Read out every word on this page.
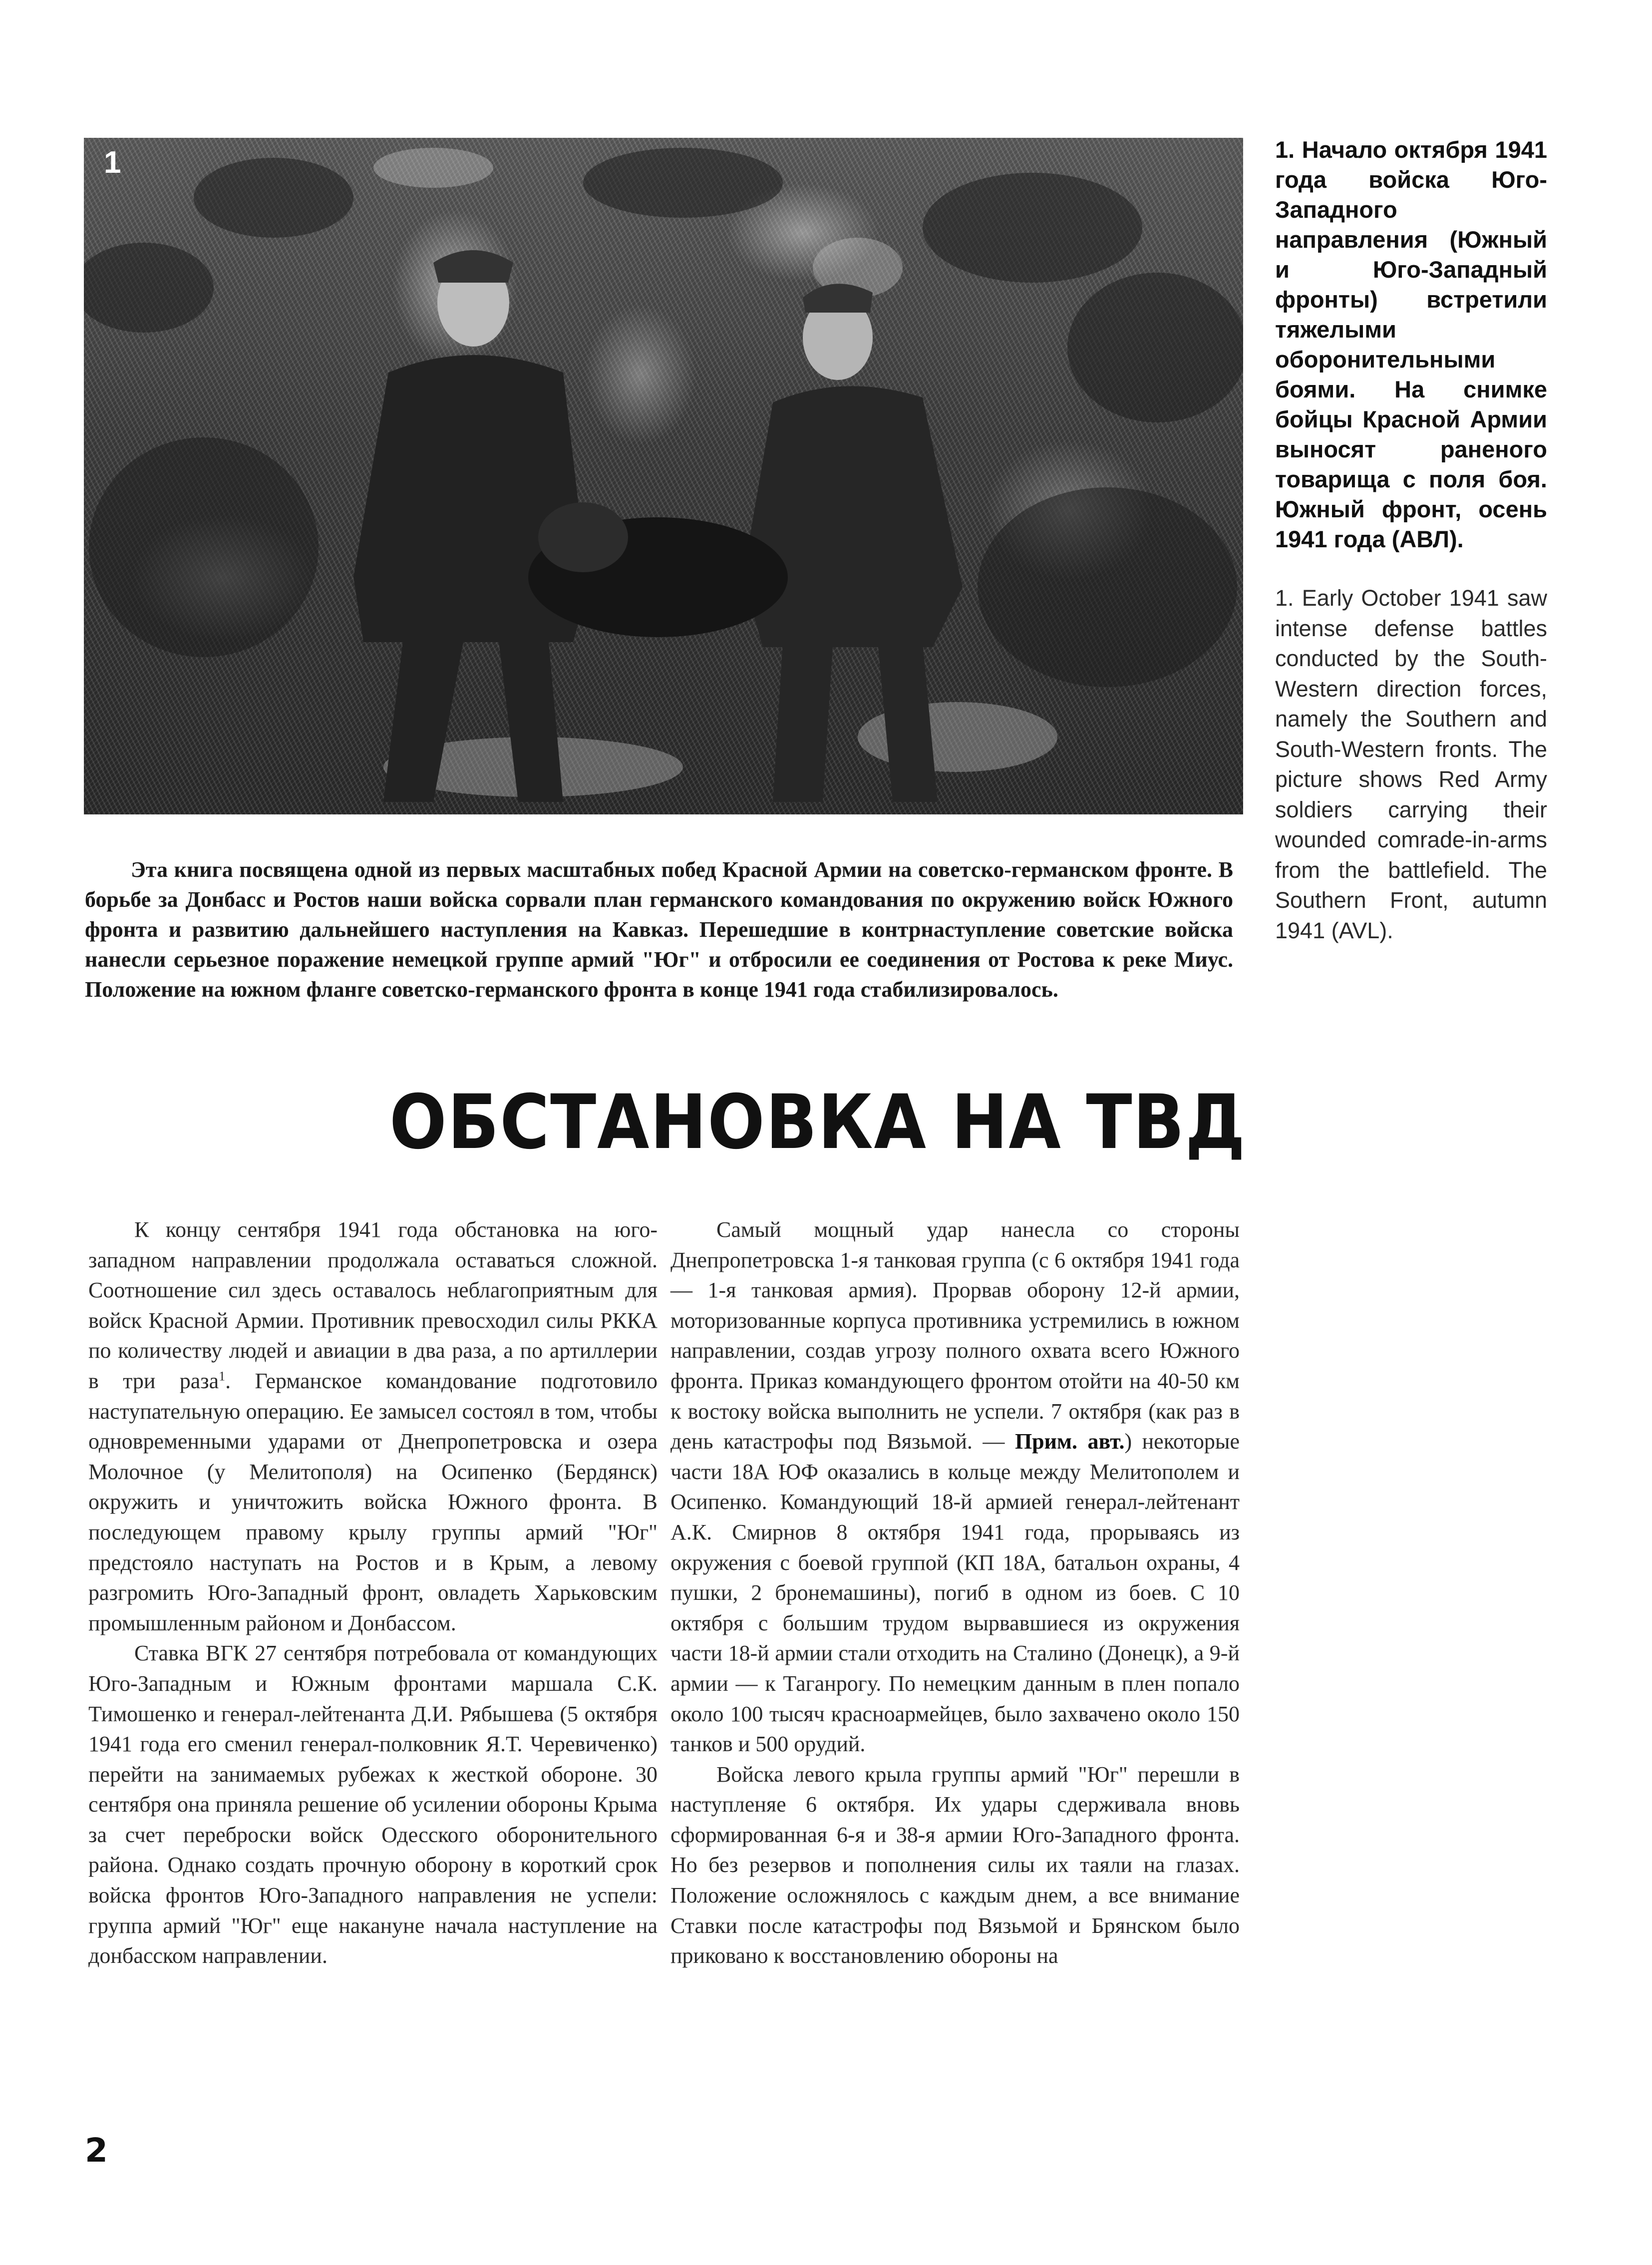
1	1. Начало октября 1941 года войска Юго-Западного направления (Южный и Юго-Западный фронты) встретили тяжелыми оборонительными боями. На снимке бойцы Красной Армии выносят раненого товарища с поля боя. Южный фронт, осень 1941 года (АВЛ).
1. Early October 1941 saw intense defense battles conducted by the South-Western direction forces, namely the Southern and South-Western fronts. The picture shows Red Army soldiers carrying their wounded comrade-in-arms from the battlefield. The Southern Front, autumn 1941 (AVL).
Эта книга посвящена одной из первых масштабных побед Красной Армии на советско-германском фронте. В борьбе за Донбасс и Ростов наши войска сорвали план германского командования по окружению войск Южного фронта и развитию дальнейшего наступления на Кавказ. Перешедшие в контрнаступление советские войска нанесли серьезное поражение немецкой группе армий "Юг" и отбросили ее соединения от Ростова к реке Миус. Положение на южном фланге советско-германского фронта в конце 1941 года стабилизировалось.
ОБСТАНОВКА НА ТВД

К концу сентября 1941 года обстановка на юго-западном направлении продолжала оставаться сложной. Соотношение сил здесь оставалось неблагоприятным для войск Красной Армии. Противник превосходил силы РККА по количеству людей и авиации в два раза, а по артиллерии в три раза$^1$. Германское командование подготовило наступательную операцию. Ее замысел состоял в том, чтобы одновременными ударами от Днепропетровска и озера Молочное (у Мелитополя) на Осипенко (Бердянск) окружить и уничтожить войска Южного фронта. В последующем правому крылу группы армий "Юг" предстояло наступать на Ростов и в Крым, а левому разгромить Юго-Западный фронт, овладеть Харьковским промышленным районом и Донбассом.

Ставка ВГК 27 сентября потребовала от командующих Юго-Западным и Южным фронтами маршала С.К. Тимошенко и генерал-лейтенанта Д.И. Рябышева (5 октября 1941 года его сменил генерал-полковник Я.Т. Черевиченко) перейти на занимаемых рубежах к жесткой обороне. 30 сентября она приняла решение об усилении обороны Крыма за счет переброски войск Одесского оборонительного района. Однако создать прочную оборону в короткий срок войска фронтов Юго-Западного направления не успели: группа армий "Юг" еще накануне начала наступление на донбасском направлении.

Самый мощный удар нанесла со стороны Днепропетровска 1-я танковая группа (с 6 октября 1941 года — 1-я танковая армия). Прорвав оборону 12-й армии, моторизованные корпуса противника устремились в южном направлении, создав угрозу полного охвата всего Южного фронта. Приказ командующего фронтом отойти на 40-50 км к востоку войска выполнить не успели. 7 октября (как раз в день катастрофы под Вязьмой. — Прим. авт.) некоторые части 18А ЮФ оказались в кольце между Мелитополем и Осипенко. Командующий 18-й армией генерал-лейтенант А.К. Смирнов 8 октября 1941 года, прорываясь из окружения с боевой группой (КП 18А, батальон охраны, 4 пушки, 2 бронемашины), погиб в одном из боев. С 10 октября с большим трудом вырвавшиеся из окружения части 18-й армии стали отходить на Сталино (Донецк), а 9-й армии — к Таганрогу. По немецким данным в плен попало около 100 тысяч красноармейцев, было захвачено около 150 танков и 500 орудий.

Войска левого крыла группы армий "Юг" перешли в наступленяе 6 октября. Их удары сдерживала вновь сформированная 6-я и 38-я армии Юго-Западного фронта. Но без резервов и пополнения силы их таяли на глазах. Положение осложнялось с каждым днем, а все внимание Ставки после катастрофы под Вязьмой и Брянском было приковано к восстановлению обороны на

2
